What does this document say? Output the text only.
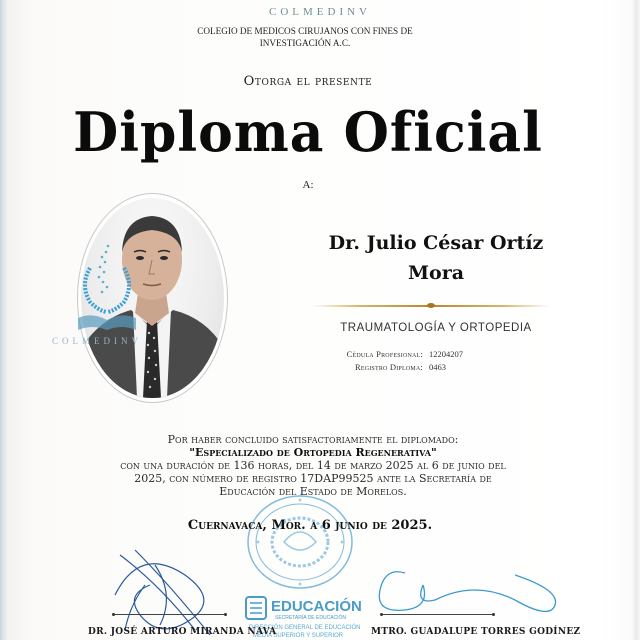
COLMEDINV
COLEGIO DE MEDICOS CIRUJANOS CON FINES DE
INVESTIGACIÓN A.C.
Otorga el presente
Diploma Oficial
A:
COLMEDINV
Dr. Julio César Ortíz
Mora
TRAUMATOLOGÍA Y ORTOPEDIA
Cédula Profesional: 12204207
Registro Diploma: 0463
Por haber concluido satisfactoriamente el diplomado:
"Especializado de Ortopedia Regenerativa"
con una duración de 136 horas, del 14 de marzo 2025 al 6 de junio del
2025, con número de registro 17DAP99525 ante la Secretaría de
Educación del Estado de Morelos.
Cuernavaca, Mor. a 6 junio de 2025.
EDUCACIÓN
SECRETARÍA DE EDUCACIÓN
DIRECCIÓN GENERAL DE EDUCACIÓN
MEDIA SUPERIOR Y SUPERIOR
DR. JOSÉ ARTURO MIRANDA NAVA	MTRO. GUADALUPE TORRES GODÍNEZ
